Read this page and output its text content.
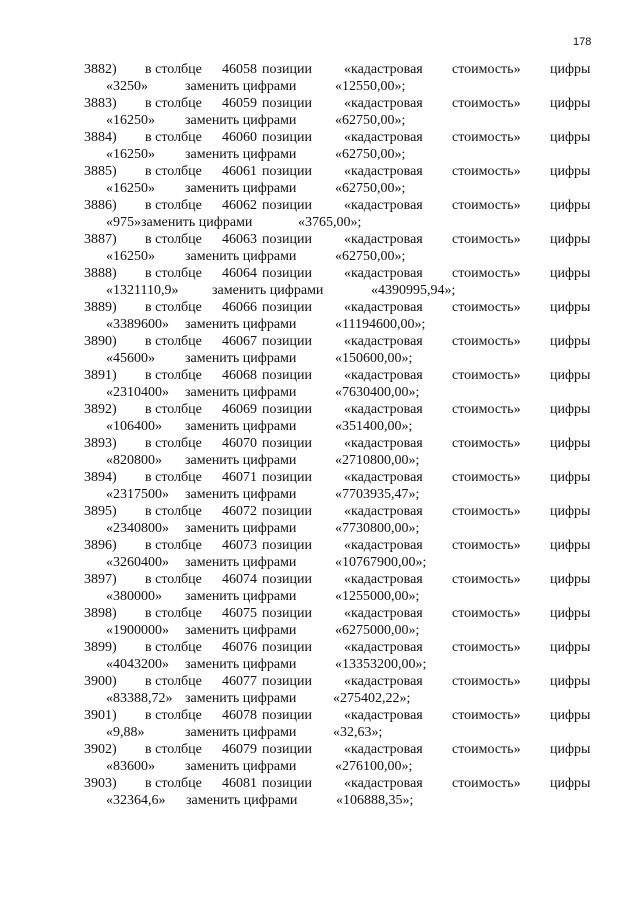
178
3882) в столбце 46058 позиции «кадастровая стоимость» цифры
«3250»	заменить цифрами	«12550,00»;
3883) в столбце 46059 позиции «кадастровая стоимость» цифры
«16250» заменить цифрами	«62750,00»;
3884) в столбце 46060 позиции «кадастровая стоимость» цифры
«16250» заменить цифрами	«62750,00»;
3885) в столбце 46061 позиции «кадастровая стоимость» цифры
«16250» заменить цифрами	«62750,00»;
3886) в столбце 46062 позиции «кадастровая стоимость» цифры
«975»заменить цифрами	«3765,00»;
3887) в столбце 46063 позиции «кадастровая стоимость» цифры
«16250» заменить цифрами	«62750,00»;
3888) в столбце 46064 позиции «кадастровая стоимость» цифры
«1321110,9» заменить цифрами	«4390995,94»;
3889) в столбце 46066 позиции «кадастровая стоимость» цифры
«3389600» заменить цифрами	«11194600,00»;
3890) в столбце 46067 позиции «кадастровая стоимость» цифры
«45600» заменить цифрами	«150600,00»;
3891) в столбце 46068 позиции «кадастровая стоимость» цифры
«2310400» заменить цифрами	«7630400,00»;
3892) в столбце 46069 позиции «кадастровая стоимость» цифры
«106400» заменить цифрами	«351400,00»;
3893) в столбце 46070 позиции «кадастровая стоимость» цифры
«820800» заменить цифрами	«2710800,00»;
3894) в столбце 46071 позиции «кадастровая стоимость» цифры
«2317500» заменить цифрами	«7703935,47»;
3895) в столбце 46072 позиции «кадастровая стоимость» цифры
«2340800» заменить цифрами	«7730800,00»;
3896) в столбце 46073 позиции «кадастровая стоимость» цифры
«3260400» заменить цифрами	«10767900,00»;
3897) в столбце 46074 позиции «кадастровая стоимость» цифры
«380000» заменить цифрами	«1255000,00»;
3898) в столбце 46075 позиции «кадастровая стоимость» цифры
«1900000» заменить цифрами	«6275000,00»;
3899) в столбце 46076 позиции «кадастровая стоимость» цифры
«4043200» заменить цифрами	«13353200,00»;
3900) в столбце 46077 позиции «кадастровая стоимость» цифры
«83388,72» заменить цифрами	«275402,22»;
3901) в столбце 46078 позиции «кадастровая стоимость» цифры
«9,88»	заменить цифрами	«32,63»;
3902) в столбце 46079 позиции «кадастровая стоимость» цифры
«83600» заменить цифрами	«276100,00»;
3903) в столбце 46081 позиции «кадастровая стоимость» цифры
«32364,6» заменить цифрами	«106888,35»;
